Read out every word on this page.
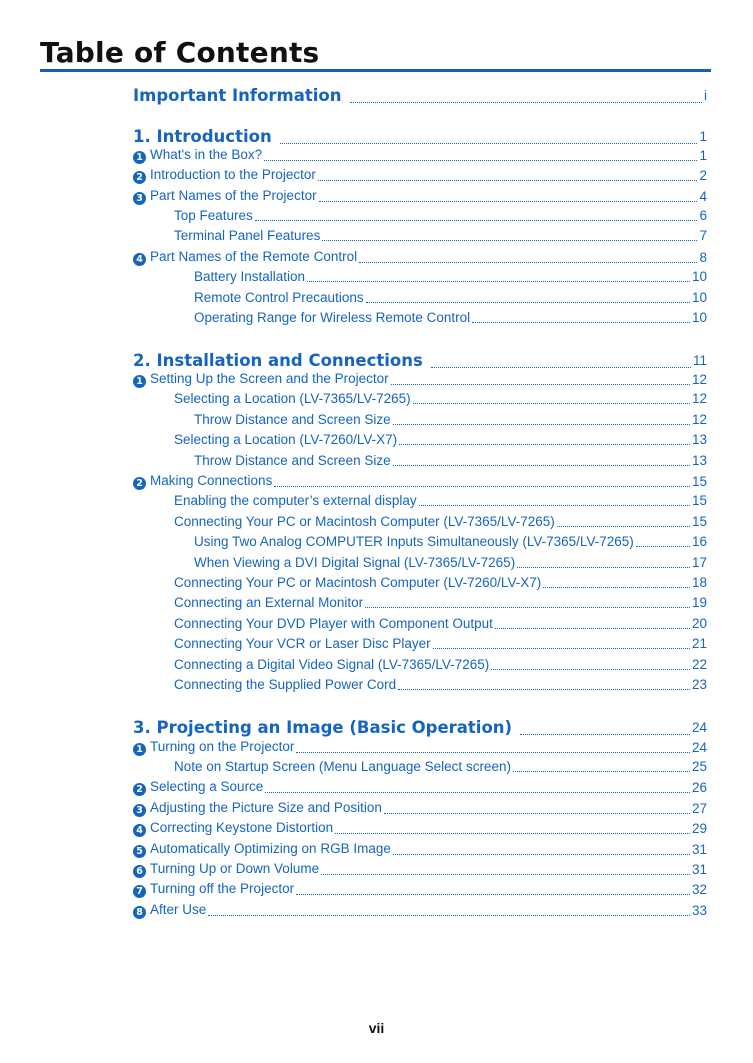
Table of Contents
Important Information	i
1. Introduction	1
1 What's in the Box?	1
2 Introduction to the Projector	2
3 Part Names of the Projector	4
Top Features	6
Terminal Panel Features	7
4 Part Names of the Remote Control	8
Battery Installation	10
Remote Control Precautions	10
Operating Range for Wireless Remote Control	10
2. Installation and Connections	11
1 Setting Up the Screen and the Projector	12
Selecting a Location (LV-7365/LV-7265)	12
Throw Distance and Screen Size	12
Selecting a Location (LV-7260/LV-X7)	13
Throw Distance and Screen Size	13
2 Making Connections	15
Enabling the computer’s external display	15
Connecting Your PC or Macintosh Computer (LV-7365/LV-7265)	15
Using Two Analog COMPUTER Inputs Simultaneously (LV-7365/LV-7265)	16
When Viewing a DVI Digital Signal (LV-7365/LV-7265)	17
Connecting Your PC or Macintosh Computer (LV-7260/LV-X7)	18
Connecting an External Monitor	19
Connecting Your DVD Player with Component Output	20
Connecting Your VCR or Laser Disc Player	21
Connecting a Digital Video Signal (LV-7365/LV-7265)	22
Connecting the Supplied Power Cord	23
3. Projecting an Image (Basic Operation)	24
1 Turning on the Projector	24
Note on Startup Screen (Menu Language Select screen)	25
2 Selecting a Source	26
3 Adjusting the Picture Size and Position	27
4 Correcting Keystone Distortion	29
5 Automatically Optimizing on RGB Image	31
6 Turning Up or Down Volume	31
7 Turning off the Projector	32
8 After Use	33
vii
